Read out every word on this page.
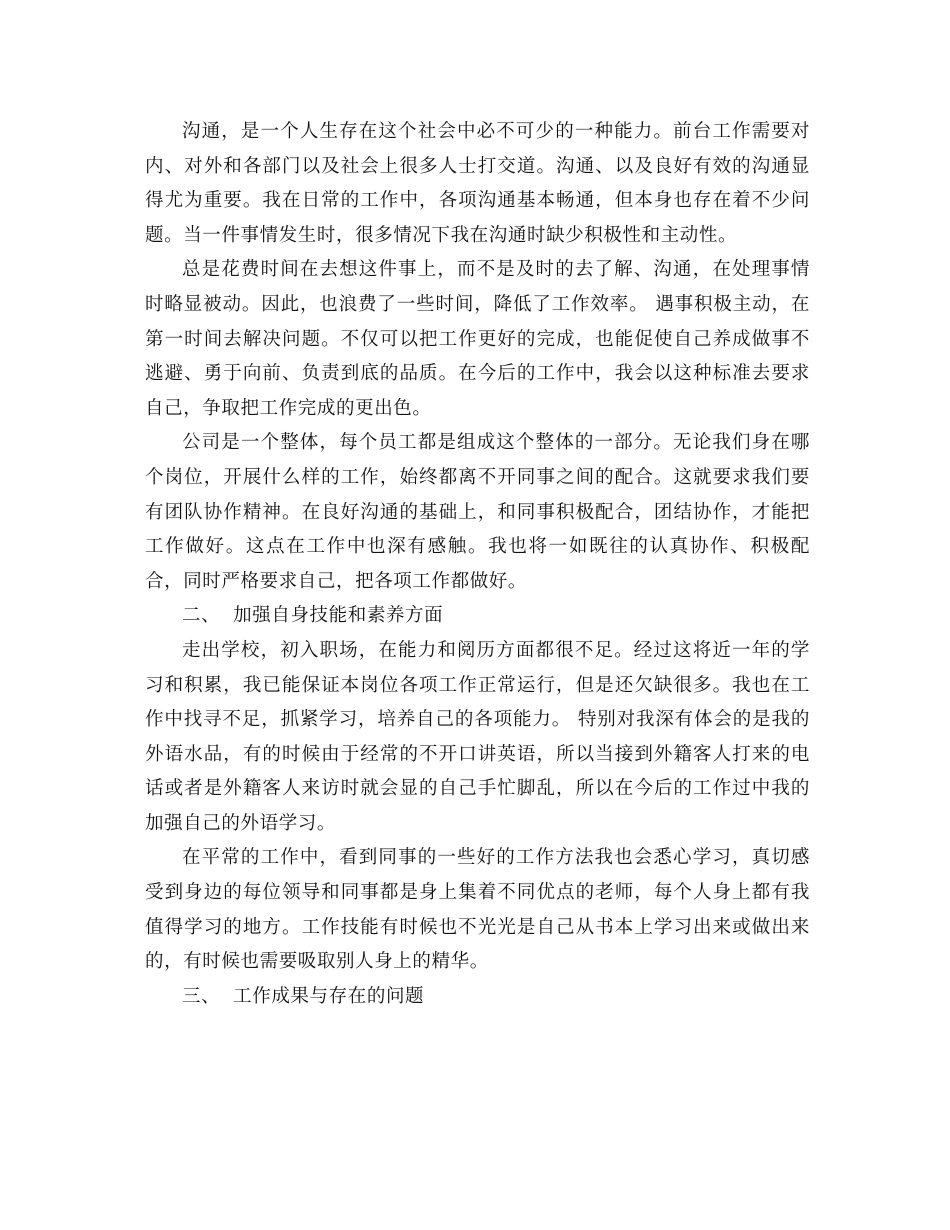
沟通，是一个人生存在这个社会中必不可少的一种能力。前台工作需要对内、对外和各部门以及社会上很多人士打交道。沟通、以及良好有效的沟通显得尤为重要。我在日常的工作中，各项沟通基本畅通，但本身也存在着不少问题。当一件事情发生时，很多情况下我在沟通时缺少积极性和主动性。

总是花费时间在去想这件事上，而不是及时的去了解、沟通，在处理事情时略显被动。因此，也浪费了一些时间，降低了工作效率。 遇事积极主动，在第一时间去解决问题。不仅可以把工作更好的完成，也能促使自己养成做事不逃避、勇于向前、负责到底的品质。在今后的工作中，我会以这种标准去要求自己，争取把工作完成的更出色。

公司是一个整体，每个员工都是组成这个整体的一部分。无论我们身在哪个岗位，开展什么样的工作，始终都离不开同事之间的配合。这就要求我们要有团队协作精神。在良好沟通的基础上，和同事积极配合，团结协作，才能把工作做好。这点在工作中也深有感触。我也将一如既往的认真协作、积极配合，同时严格要求自己，把各项工作都做好。

二、  加强自身技能和素养方面

走出学校，初入职场，在能力和阅历方面都很不足。经过这将近一年的学习和积累，我已能保证本岗位各项工作正常运行，但是还欠缺很多。我也在工作中找寻不足，抓紧学习，培养自己的各项能力。 特别对我深有体会的是我的外语水品，有的时候由于经常的不开口讲英语，所以当接到外籍客人打来的电话或者是外籍客人来访时就会显的自己手忙脚乱，所以在今后的工作过中我的加强自己的外语学习。

在平常的工作中，看到同事的一些好的工作方法我也会悉心学习，真切感受到身边的每位领导和同事都是身上集着不同优点的老师，每个人身上都有我值得学习的地方。工作技能有时候也不光光是自己从书本上学习出来或做出来的，有时候也需要吸取别人身上的精华。

三、  工作成果与存在的问题
